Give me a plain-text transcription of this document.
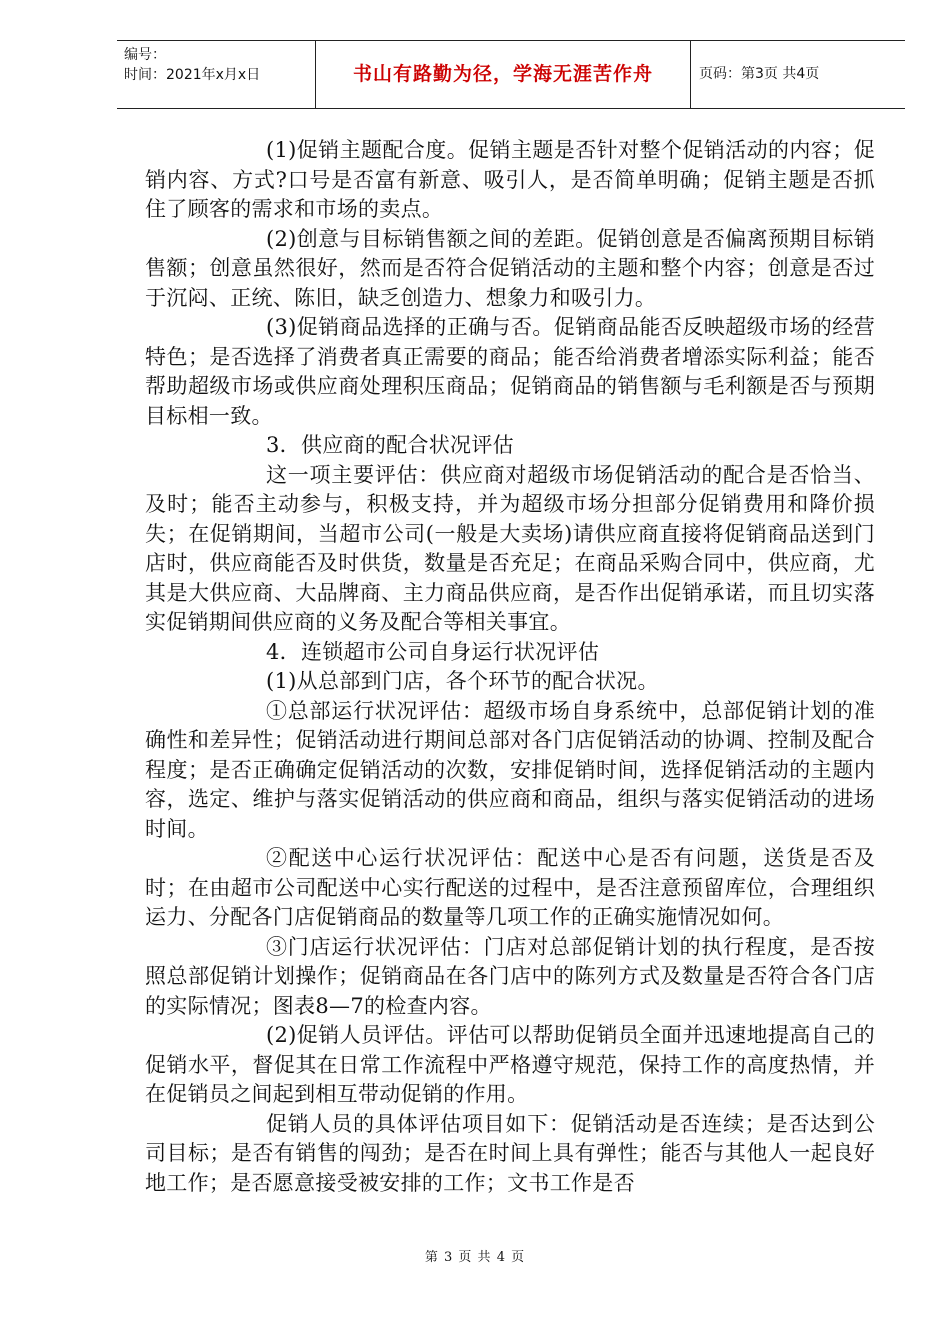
编号：
时间：2021年x月x日	书山有路勤为径，学海无涯苦作舟	页码：第3页 共4页

(1)促销主题配合度。促销主题是否针对整个促销活动的内容；促销内容、方式?口号是否富有新意、吸引人，是否简单明确；促销主题是否抓住了顾客的需求和市场的卖点。

(2)创意与目标销售额之间的差距。促销创意是否偏离预期目标销售额；创意虽然很好，然而是否符合促销活动的主题和整个内容；创意是否过于沉闷、正统、陈旧，缺乏创造力、想象力和吸引力。

(3)促销商品选择的正确与否。促销商品能否反映超级市场的经营特色；是否选择了消费者真正需要的商品；能否给消费者增添实际利益；能否帮助超级市场或供应商处理积压商品；促销商品的销售额与毛利额是否与预期目标相一致。

3．供应商的配合状况评估

这一项主要评估：供应商对超级市场促销活动的配合是否恰当、及时；能否主动参与，积极支持，并为超级市场分担部分促销费用和降价损失；在促销期间，当超市公司(一般是大卖场)请供应商直接将促销商品送到门店时，供应商能否及时供货，数量是否充足；在商品采购合同中，供应商，尤其是大供应商、大品牌商、主力商品供应商，是否作出促销承诺，而且切实落实促销期间供应商的义务及配合等相关事宜。

4．连锁超市公司自身运行状况评估

(1)从总部到门店，各个环节的配合状况。

①总部运行状况评估：超级市场自身系统中，总部促销计划的准确性和差异性；促销活动进行期间总部对各门店促销活动的协调、控制及配合程度；是否正确确定促销活动的次数，安排促销时间，选择促销活动的主题内容，选定、维护与落实促销活动的供应商和商品，组织与落实促销活动的进场时间。

②配送中心运行状况评估：配送中心是否有问题，送货是否及时；在由超市公司配送中心实行配送的过程中，是否注意预留库位，合理组织运力、分配各门店促销商品的数量等几项工作的正确实施情况如何。

③门店运行状况评估：门店对总部促销计划的执行程度，是否按照总部促销计划操作；促销商品在各门店中的陈列方式及数量是否符合各门店的实际情况；图表8—7的检查内容。

(2)促销人员评估。评估可以帮助促销员全面并迅速地提高自己的促销水平，督促其在日常工作流程中严格遵守规范，保持工作的高度热情，并在促销员之间起到相互带动促销的作用。

促销人员的具体评估项目如下：促销活动是否连续；是否达到公司目标；是否有销售的闯劲；是否在时间上具有弹性；能否与其他人一起良好地工作；是否愿意接受被安排的工作；文书工作是否

第 3 页 共 4 页
